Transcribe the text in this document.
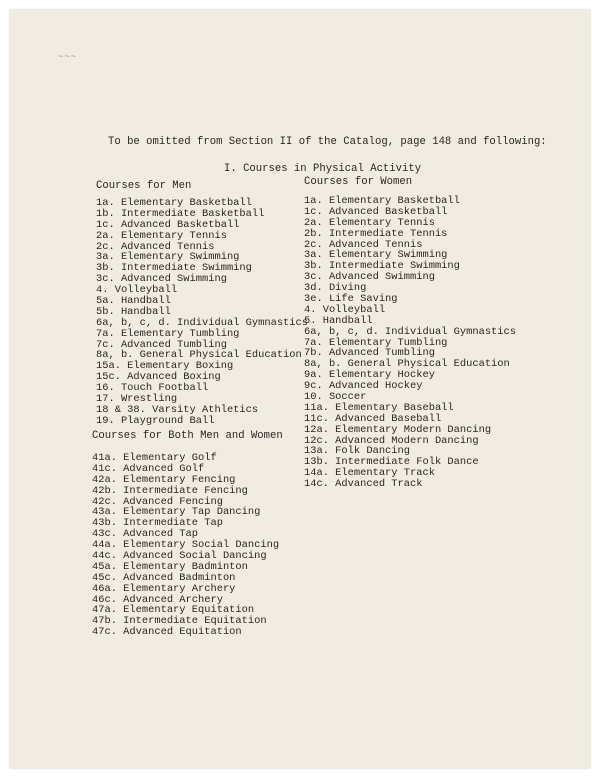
~~~
To be omitted from Section II of the Catalog, page 148 and following:
I. Courses in Physical Activity
Courses for Men
1a. Elementary Basketball
1b. Intermediate Basketball
1c. Advanced Basketball
2a. Elementary Tennis
2c. Advanced Tennis
3a. Elementary Swimming
3b. Intermediate Swimming
3c. Advanced Swimming
4. Volleyball
5a. Handball
5b. Handball
6a, b, c, d. Individual Gymnastics
7a. Elementary Tumbling
7c. Advanced Tumbling
8a, b. General Physical Education
15a. Elementary Boxing
15c. Advanced Boxing
16. Touch Football
17. Wrestling
18 & 38. Varsity Athletics
19. Playground Ball
Courses for Both Men and Women
41a. Elementary Golf
41c. Advanced Golf
42a. Elementary Fencing
42b. Intermediate Fencing
42c. Advanced Fencing
43a. Elementary Tap Dancing
43b. Intermediate Tap
43c. Advanced Tap
44a. Elementary Social Dancing
44c. Advanced Social Dancing
45a. Elementary Badminton
45c. Advanced Badminton
46a. Elementary Archery
46c. Advanced Archery
47a. Elementary Equitation
47b. Intermediate Equitation
47c. Advanced Equitation
Courses for Women
1a. Elementary Basketball
1c. Advanced Basketball
2a. Elementary Tennis
2b. Intermediate Tennis
2c. Advanced Tennis
3a. Elementary Swimming
3b. Intermediate Swimming
3c. Advanced Swimming
3d. Diving
3e. Life Saving
4. Volleyball
5. Handball
6a, b, c, d. Individual Gymnastics
7a. Elementary Tumbling
7b. Advanced Tumbling
8a, b. General Physical Education
9a. Elementary Hockey
9c. Advanced Hockey
10. Soccer
11a. Elementary Baseball
11c. Advanced Baseball
12a. Elementary Modern Dancing
12c. Advanced Modern Dancing
13a. Folk Dancing
13b. Intermediate Folk Dance
14a. Elementary Track
14c. Advanced Track
